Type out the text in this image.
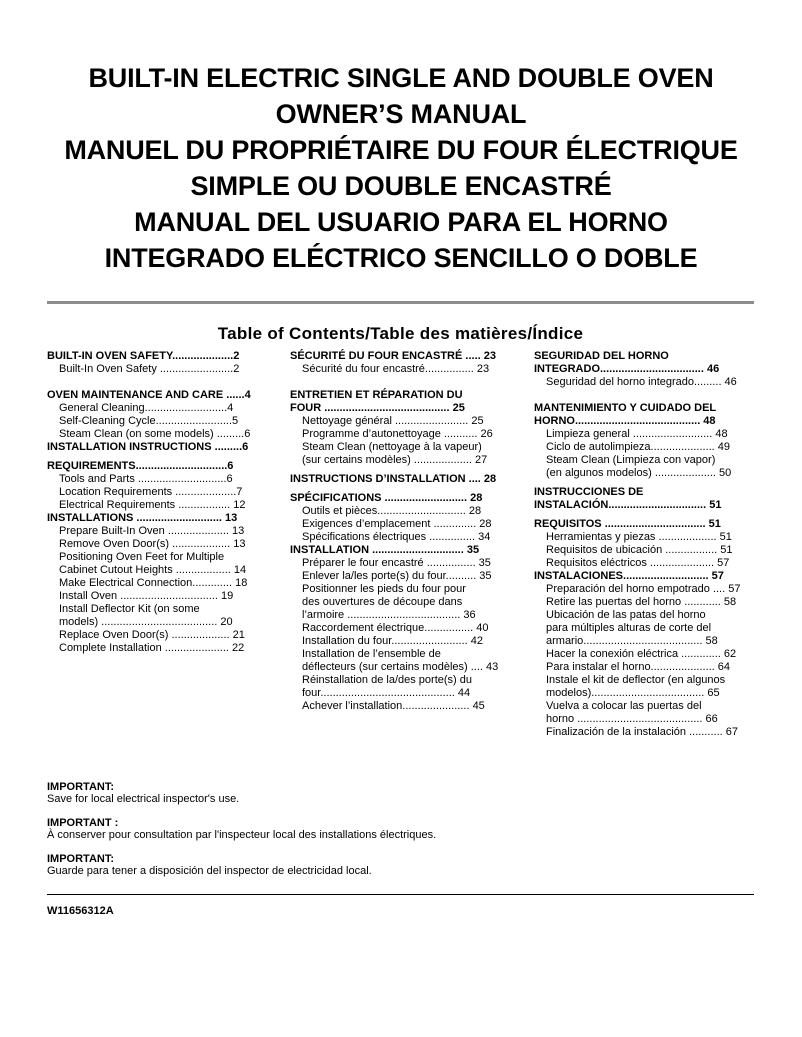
BUILT-IN ELECTRIC SINGLE AND DOUBLE OVEN
OWNER’S MANUAL
MANUEL DU PROPRIÉTAIRE DU FOUR ÉLECTRIQUE
SIMPLE OU DOUBLE ENCASTRÉ
MANUAL DEL USUARIO PARA EL HORNO
INTEGRADO ELÉCTRICO SENCILLO O DOBLE
Table of Contents/Table des matières/Índice
BUILT-IN OVEN SAFETY....................2
Built-In Oven Safety ........................2
OVEN MAINTENANCE AND CARE ......4
General Cleaning...........................4
Self-Cleaning Cycle.........................5
Steam Clean (on some models) .........6
INSTALLATION INSTRUCTIONS .........6
REQUIREMENTS..............................6
Tools and Parts .............................6
Location Requirements ....................7
Electrical Requirements ................. 12
INSTALLATIONS ............................ 13
Prepare Built-In Oven .................... 13
Remove Oven Door(s) ................... 13
Positioning Oven Feet for Multiple
Cabinet Cutout Heights .................. 14
Make Electrical Connection............. 18
Install Oven ................................ 19
Install Deflector Kit (on some
models) ...................................... 20
Replace Oven Door(s) ................... 21
Complete Installation ..................... 22
SÉCURITÉ DU FOUR ENCASTRÉ ..... 23
Sécurité du four encastré................ 23
ENTRETIEN ET RÉPARATION DU
FOUR ......................................... 25
Nettoyage général ........................ 25
Programme d’autonettoyage ........... 26
Steam Clean (nettoyage à la vapeur)
(sur certains modèles) ................... 27
INSTRUCTIONS D’INSTALLATION .... 28
SPÉCIFICATIONS ........................... 28
Outils et pièces............................. 28
Exigences d’emplacement .............. 28
Spécifications électriques ............... 34
INSTALLATION .............................. 35
Préparer le four encastré ................ 35
Enlever la/les porte(s) du four.......... 35
Positionner les pieds du four pour
des ouvertures de découpe dans
l’armoire ..................................... 36
Raccordement électrique................ 40
Installation du four......................... 42
Installation de l’ensemble de
déflecteurs (sur certains modèles) .... 43
Réinstallation de la/des porte(s) du
four............................................ 44
Achever l’installation...................... 45
SEGURIDAD DEL HORNO
INTEGRADO.................................. 46
Seguridad del horno integrado......... 46
MANTENIMIENTO Y CUIDADO DEL
HORNO......................................... 48
Limpieza general .......................... 48
Ciclo de autolimpieza..................... 49
Steam Clean (Limpieza con vapor)
(en algunos modelos) .................... 50
INSTRUCCIONES DE
INSTALACIÓN................................ 51
REQUISITOS ................................. 51
Herramientas y piezas ................... 51
Requisitos de ubicación ................. 51
Requisitos eléctricos ..................... 57
INSTALACIONES............................ 57
Preparación del horno empotrado .... 57
Retire las puertas del horno ............ 58
Ubicación de las patas del horno
para múltiples alturas de corte del
armario....................................... 58
Hacer la conexión eléctrica ............. 62
Para instalar el horno..................... 64
Instale el kit de deflector (en algunos
modelos)..................................... 65
Vuelva a colocar las puertas del
horno ......................................... 66
Finalización de la instalación ........... 67
IMPORTANT:
Save for local electrical inspector's use.
IMPORTANT :
À conserver pour consultation par l'inspecteur local des installations électriques.
IMPORTANT:
Guarde para tener a disposición del inspector de electricidad local.
W11656312A
